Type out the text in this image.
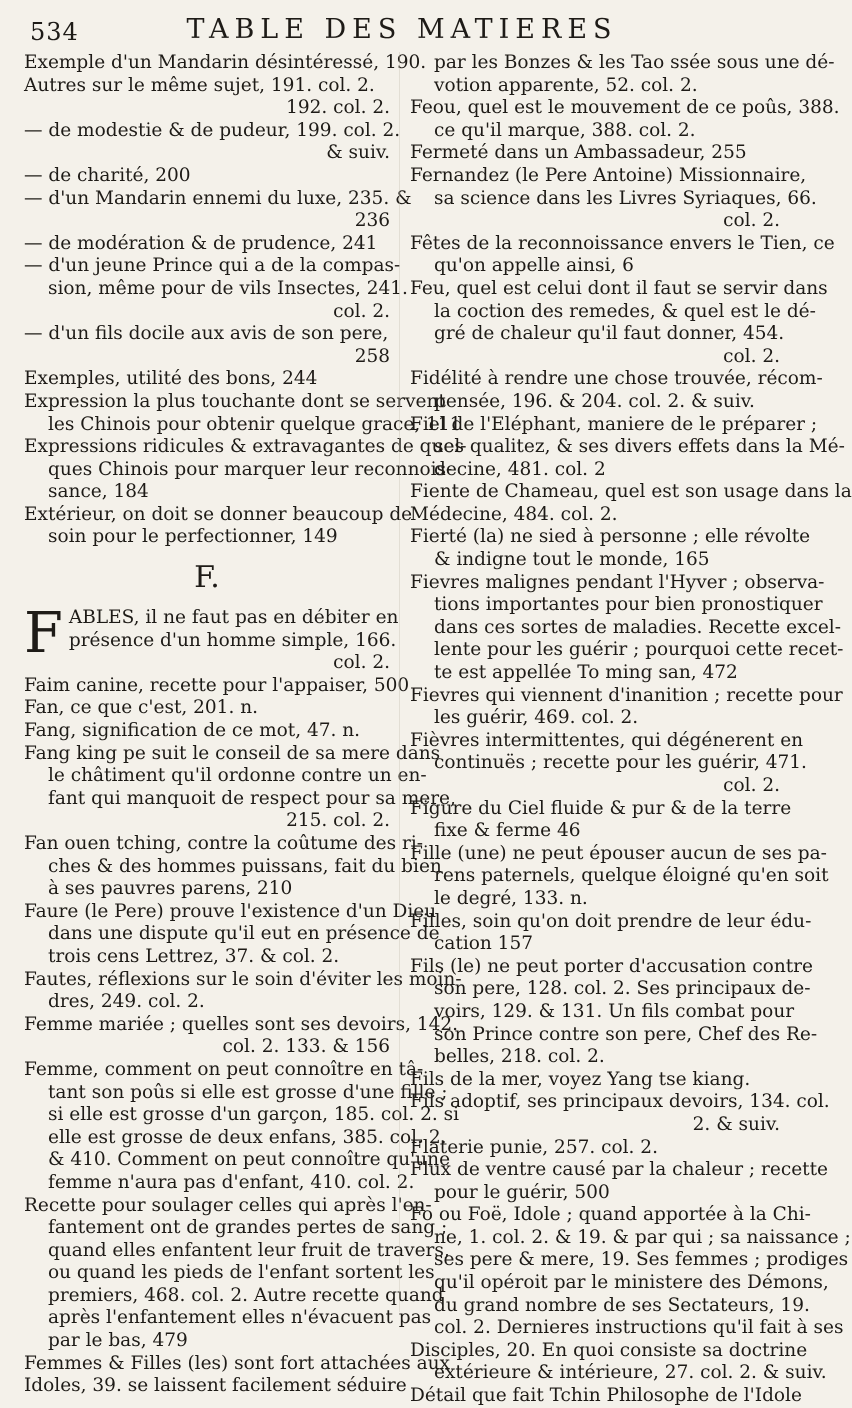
534	TABLE DES MATIERES
Exemple d'un Mandarin désintéressé, 190.
Autres sur le même sujet, 191. col. 2.
192. col. 2.
— de modestie & de pudeur, 199. col. 2.
& suiv.
— de charité, 200
— d'un Mandarin ennemi du luxe, 235. &
236
— de modération & de prudence, 241
— d'un jeune Prince qui a de la compas-
sion, même pour de vils Insectes, 241.
col. 2.
— d'un fils docile aux avis de son pere,
258
Exemples, utilité des bons, 244
Expression la plus touchante dont se servent
les Chinois pour obtenir quelque grace, 111
Expressions ridicules & extravagantes de quel-
ques Chinois pour marquer leur reconnois-
sance, 184
Extérieur, on doit se donner beaucoup de
soin pour le perfectionner, 149
F.
F ABLES, il ne faut pas en débiter en
présence d'un homme simple, 166.
col. 2.
Faim canine, recette pour l'appaiser, 500
Fan, ce que c'est, 201. n.
Fang, signification de ce mot, 47. n.
Fang king pe suit le conseil de sa mere dans
le châtiment qu'il ordonne contre un en-
fant qui manquoit de respect pour sa mere,
215. col. 2.
Fan ouen tching, contre la coûtume des ri-
ches & des hommes puissans, fait du bien
à ses pauvres parens, 210
Faure (le Pere) prouve l'existence d'un Dieu
dans une dispute qu'il eut en présence de
trois cens Lettrez, 37. & col. 2.
Fautes, réflexions sur le soin d'éviter les moin-
dres, 249. col. 2.
Femme mariée ; quelles sont ses devoirs, 142.
col. 2. 133. & 156
Femme, comment on peut connoître en tâ-
tant son poûs si elle est grosse d'une fille ;
si elle est grosse d'un garçon, 185. col. 2. si
elle est grosse de deux enfans, 385. col. 2.
& 410. Comment on peut connoître qu'une
femme n'aura pas d'enfant, 410. col. 2.
Recette pour soulager celles qui après l'en-
fantement ont de grandes pertes de sang ;
quand elles enfantent leur fruit de travers,
ou quand les pieds de l'enfant sortent les
premiers, 468. col. 2. Autre recette quand
après l'enfantement elles n'évacuent pas
par le bas, 479
Femmes & Filles (les) sont fort attachées aux
Idoles, 39. se laissent facilement séduire
par les Bonzes & les Tao ssée sous une dé-
votion apparente, 52. col. 2.
Feou, quel est le mouvement de ce poûs, 388.
ce qu'il marque, 388. col. 2.
Fermeté dans un Ambassadeur, 255
Fernandez (le Pere Antoine) Missionnaire,
sa science dans les Livres Syriaques, 66.
col. 2.
Fêtes de la reconnoissance envers le Tien, ce
qu'on appelle ainsi, 6
Feu, quel est celui dont il faut se servir dans
la coction des remedes, & quel est le dé-
gré de chaleur qu'il faut donner, 454.
col. 2.
Fidélité à rendre une chose trouvée, récom-
pensée, 196. & 204. col. 2. & suiv.
Fiel de l'Eléphant, maniere de le préparer ;
ses qualitez, & ses divers effets dans la Mé-
decine, 481. col. 2
Fiente de Chameau, quel est son usage dans la
Médecine, 484. col. 2.
Fierté (la) ne sied à personne ; elle révolte
& indigne tout le monde, 165
Fievres malignes pendant l'Hyver ; observa-
tions importantes pour bien pronostiquer
dans ces sortes de maladies. Recette excel-
lente pour les guérir ; pourquoi cette recet-
te est appellée To ming san, 472
Fievres qui viennent d'inanition ; recette pour
les guérir, 469. col. 2.
Fièvres intermittentes, qui dégénerent en
continuës ; recette pour les guérir, 471.
col. 2.
Figure du Ciel fluide & pur & de la terre
fixe & ferme 46
Fille (une) ne peut épouser aucun de ses pa-
rens paternels, quelque éloigné qu'en soit
le degré, 133. n.
Filles, soin qu'on doit prendre de leur édu-
cation 157
Fils (le) ne peut porter d'accusation contre
son pere, 128. col. 2. Ses principaux de-
voirs, 129. & 131. Un fils combat pour
son Prince contre son pere, Chef des Re-
belles, 218. col. 2.
Fils de la mer, voyez Yang tse kiang.
Fils adoptif, ses principaux devoirs, 134. col.
2. & suiv.
Flaterie punie, 257. col. 2.
Flux de ventre causé par la chaleur ; recette
pour le guérir, 500
Fo ou Foë, Idole ; quand apportée à la Chi-
ne, 1. col. 2. & 19. & par qui ; sa naissance ;
ses pere & mere, 19. Ses femmes ; prodiges
qu'il opéroit par le ministere des Démons,
du grand nombre de ses Sectateurs, 19.
col. 2. Dernieres instructions qu'il fait à ses
Disciples, 20. En quoi consiste sa doctrine
extérieure & intérieure, 27. col. 2. & suiv.
Détail que fait Tchin Philosophe de l'Idole
